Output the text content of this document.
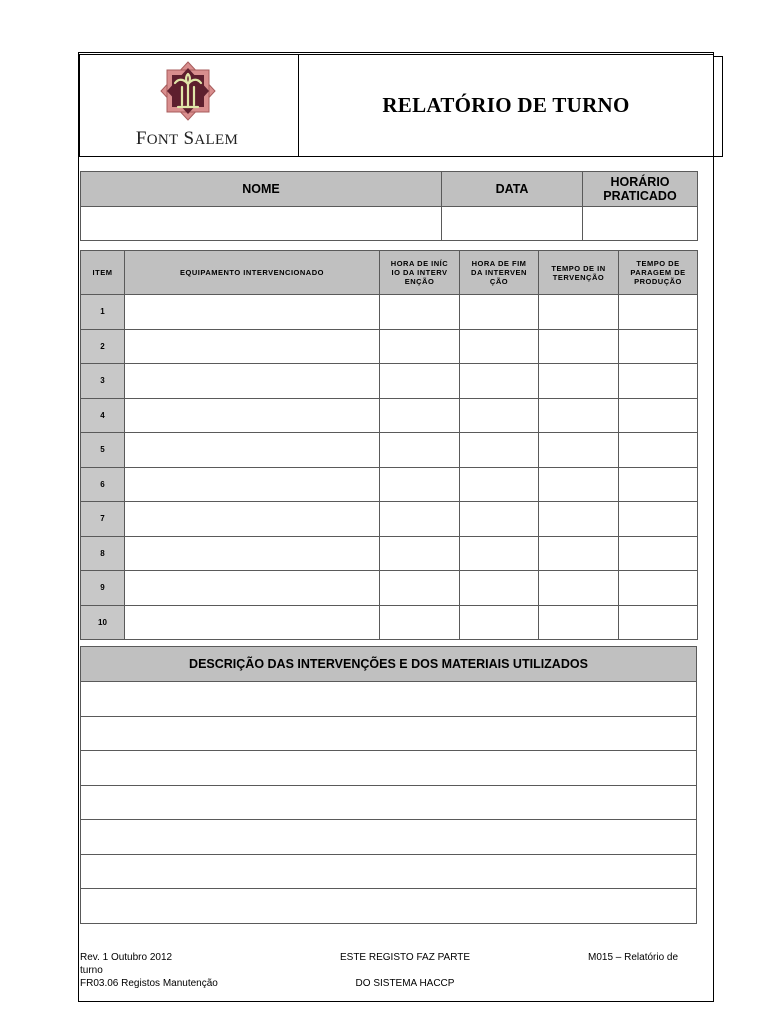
FONT SALEM
RELATÓRIO DE TURNO
NOME	DATA	HORÁRIO PRATICADO

ITEM	EQUIPAMENTO INTERVENCIONADO	HORA DE INÍCIO DA INTERVENÇÃO	HORA DE FIM DA INTERVENÇÃO	TEMPO DE INTERVENÇÃO	TEMPO DE PARAGEM DE PRODUÇÃO
1					
2					
3					
4					
5					
6					
7					
8					
9					
10					
DESCRIÇÃO DAS INTERVENÇÕES E DOS MATERIAIS UTILIZADOS

Rev. 1 Outubro 2012
turno
FR03.06 Registos Manutenção
ESTE REGISTO FAZ PARTE
DO SISTEMA HACCP
M015 – Relatório de
